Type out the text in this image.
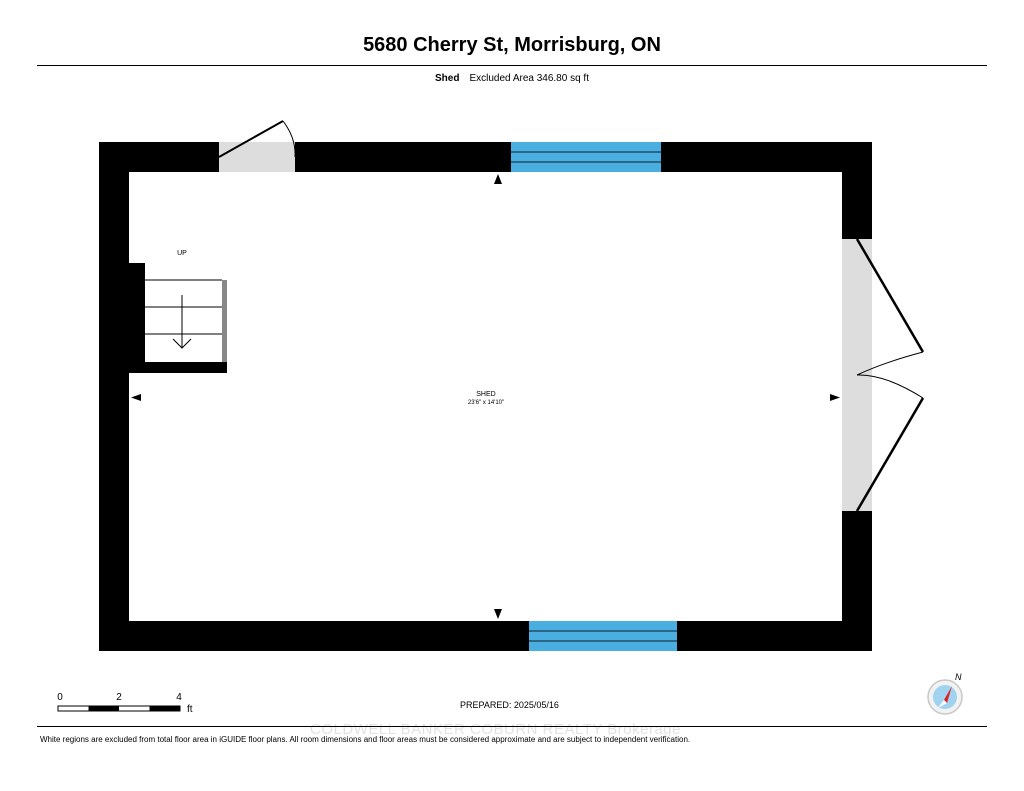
5680 Cherry St, Morrisburg, ON
Shed Excluded Area 346.80 sq ft
UP
SHED
23'6" x 14'10"
0	2	4
ft
N
PREPARED: 2025/05/16
COLDWELL BANKER COBURN REALTY Brokerage
White regions are excluded from total floor area in iGUIDE floor plans. All room dimensions and floor areas must be considered approximate and are subject to independent verification.
